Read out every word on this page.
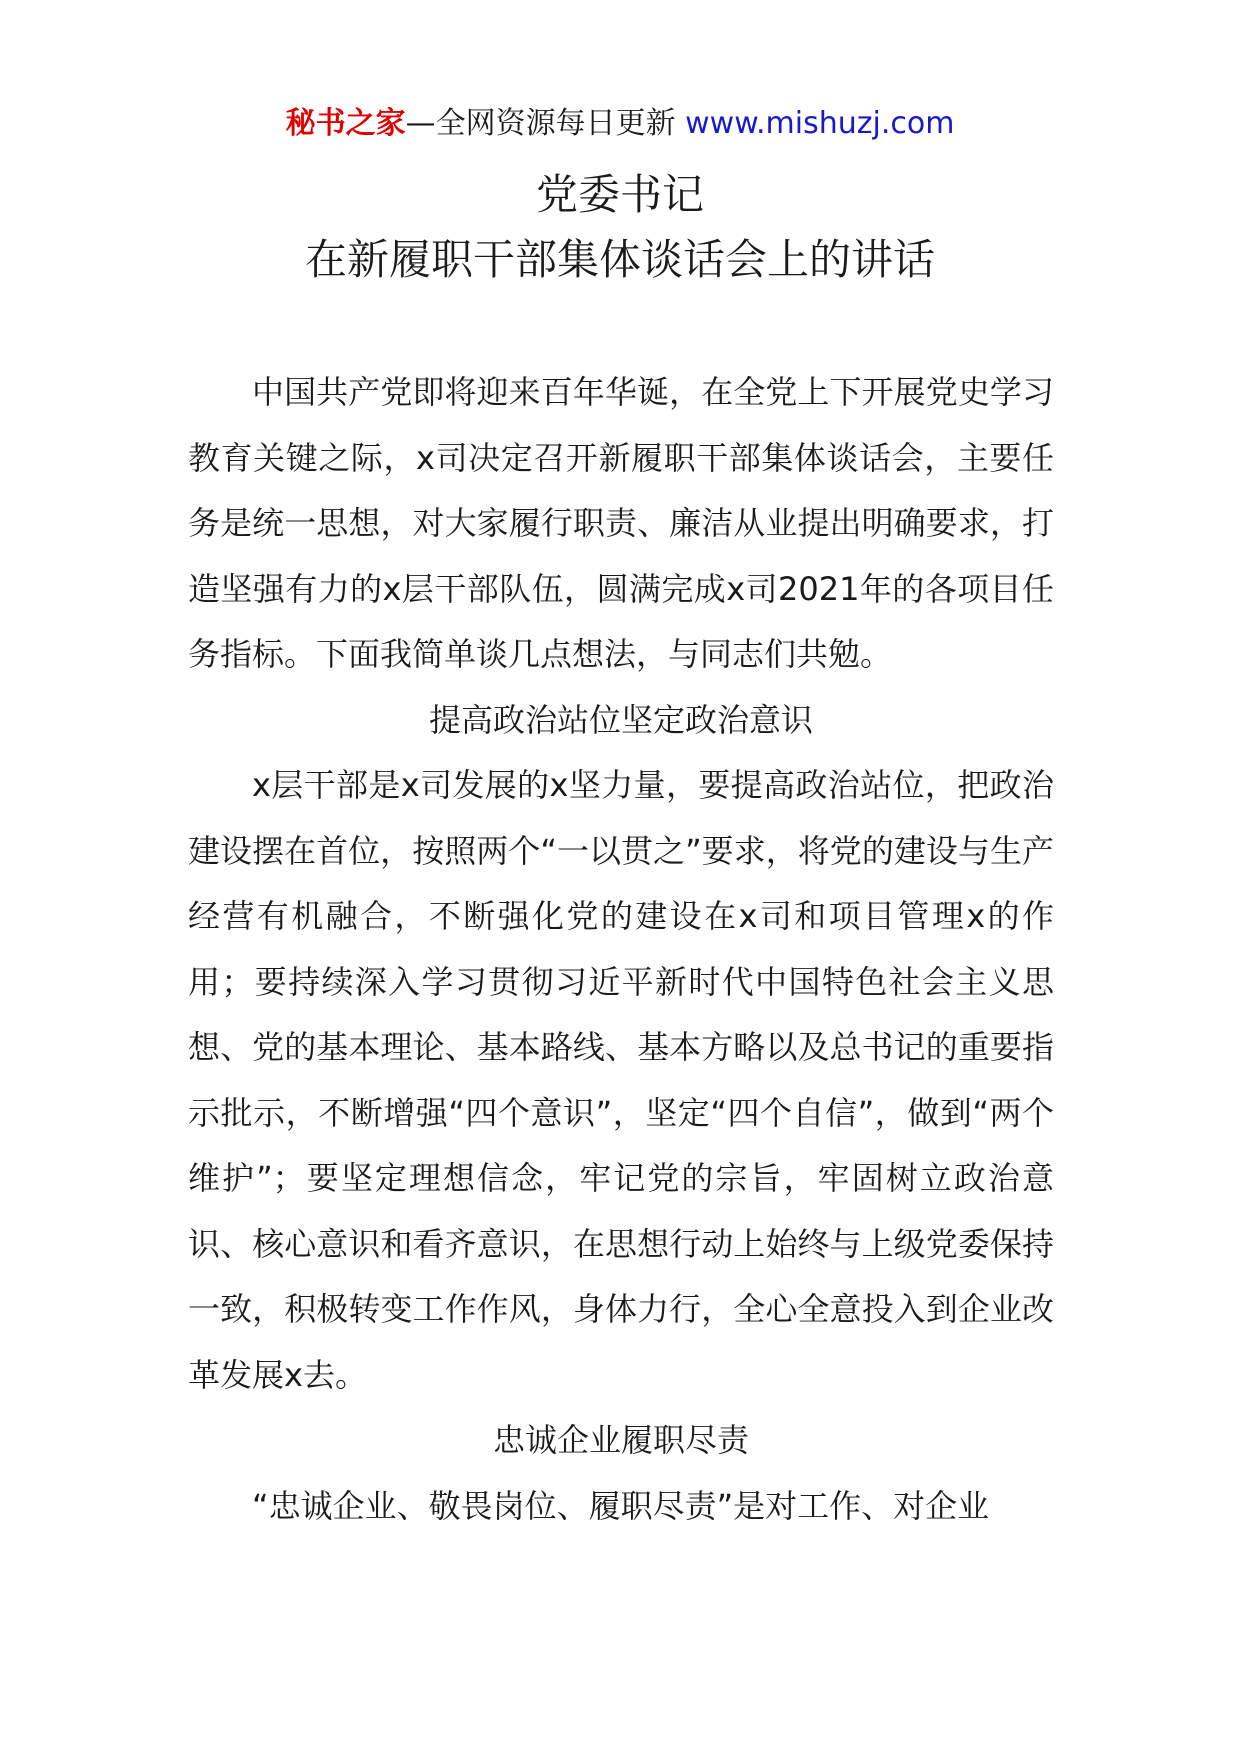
秘书之家—全网资源每日更新 www.mishuzj.com
党委书记
在新履职干部集体谈话会上的讲话

中国共产党即将迎来百年华诞，在全党上下开展党史学习教育关键之际，x司决定召开新履职干部集体谈话会，主要任务是统一思想，对大家履行职责、廉洁从业提出明确要求，打造坚强有力的x层干部队伍，圆满完成x司2021年的各项目任务指标。下面我简单谈几点想法，与同志们共勉。

提高政治站位坚定政治意识

x层干部是x司发展的x坚力量，要提高政治站位，把政治建设摆在首位，按照两个“一以贯之”要求，将党的建设与生产经营有机融合，不断强化党的建设在x司和项目管理x的作用；要持续深入学习贯彻习近平新时代中国特色社会主义思想、党的基本理论、基本路线、基本方略以及总书记的重要指示批示，不断增强“四个意识”，坚定“四个自信”，做到“两个维护”；要坚定理想信念，牢记党的宗旨，牢固树立政治意识、核心意识和看齐意识，在思想行动上始终与上级党委保持一致，积极转变工作作风，身体力行，全心全意投入到企业改革发展x去。

忠诚企业履职尽责

“忠诚企业、敬畏岗位、履职尽责”是对工作、对企业
